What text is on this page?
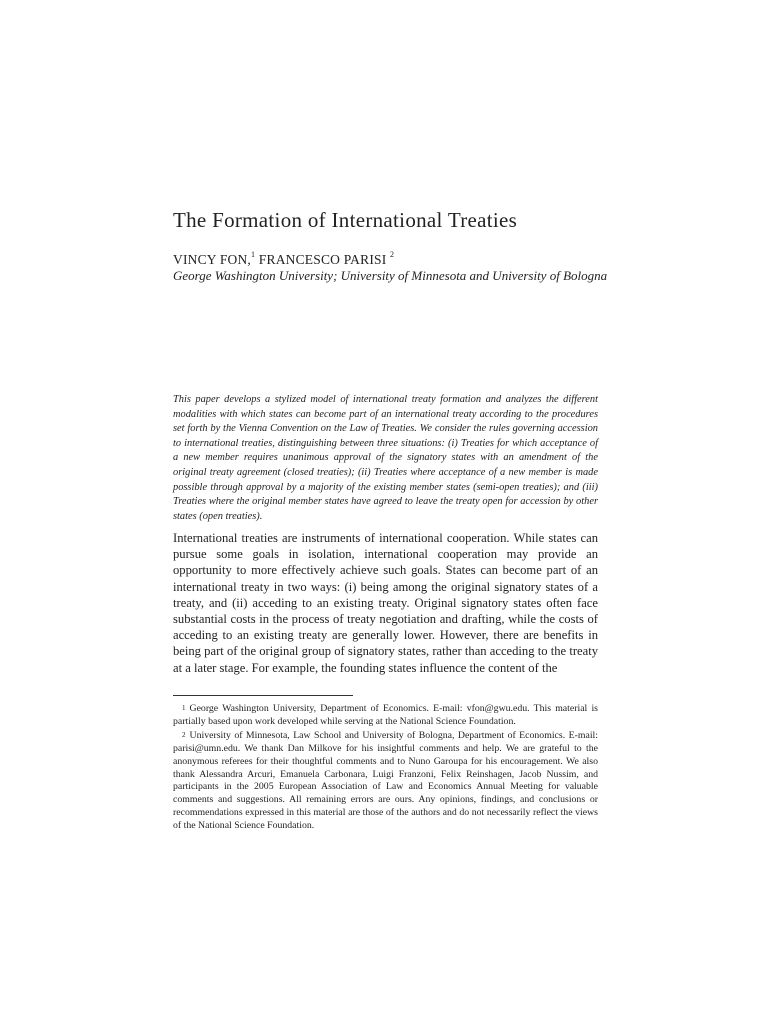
The Formation of International Treaties
VINCY FON,$^1$ FRANCESCO PARISI $^2$
George Washington University; University of Minnesota and University of Bologna
This paper develops a stylized model of international treaty formation and analyzes the different modalities with which states can become part of an international treaty according to the procedures set forth by the Vienna Convention on the Law of Treaties. We consider the rules governing accession to international treaties, distinguishing between three situations: (i) Treaties for which acceptance of a new member requires unanimous approval of the signatory states with an amendment of the original treaty agreement (closed treaties); (ii) Treaties where acceptance of a new member is made possible through approval by a majority of the existing member states (semi-open treaties); and (iii) Treaties where the original member states have agreed to leave the treaty open for accession by other states (open treaties).
International treaties are instruments of international cooperation. While states can pursue some goals in isolation, international cooperation may provide an opportunity to more effectively achieve such goals. States can become part of an international treaty in two ways: (i) being among the original signatory states of a treaty, and (ii) acceding to an existing treaty. Original signatory states often face substantial costs in the process of treaty negotiation and drafting, while the costs of acceding to an existing treaty are generally lower. However, there are benefits in being part of the original group of signatory states, rather than acceding to the treaty at a later stage. For example, the founding states influence the content of the
$^1$ George Washington University, Department of Economics. E-mail: vfon@gwu.edu. This material is partially based upon work developed while serving at the National Science Foundation.
$^2$ University of Minnesota, Law School and University of Bologna, Department of Economics. E-mail: parisi@umn.edu. We thank Dan Milkove for his insightful comments and help. We are grateful to the anonymous referees for their thoughtful comments and to Nuno Garoupa for his encouragement. We also thank Alessandra Arcuri, Emanuela Carbonara, Luigi Franzoni, Felix Reinshagen, Jacob Nussim, and participants in the 2005 European Association of Law and Economics Annual Meeting for valuable comments and suggestions. All remaining errors are ours. Any opinions, findings, and conclusions or recommendations expressed in this material are those of the authors and do not necessarily reflect the views of the National Science Foundation.
